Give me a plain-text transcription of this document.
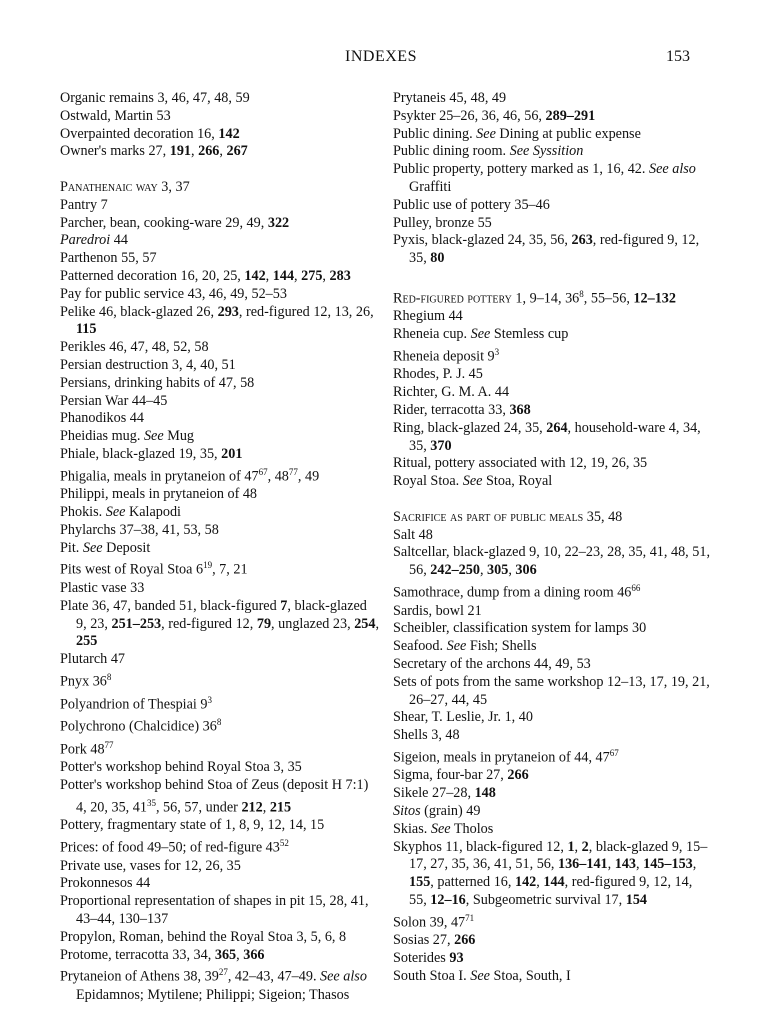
INDEXES	153
Organic remains 3, 46, 47, 48, 59
Ostwald, Martin 53
Overpainted decoration 16, 142
Owner's marks 27, 191, 266, 267
Panathenaic way 3, 37
Pantry 7
Parcher, bean, cooking-ware 29, 49, 322
Paredroi 44
Parthenon 55, 57
Patterned decoration 16, 20, 25, 142, 144, 275, 283
Pay for public service 43, 46, 49, 52–53
Pelike 46, black-glazed 26, 293, red-figured 12, 13, 26, 115
Perikles 46, 47, 48, 52, 58
Persian destruction 3, 4, 40, 51
Persians, drinking habits of 47, 58
Persian War 44–45
Phanodikos 44
Pheidias mug. See Mug
Phiale, black-glazed 19, 35, 201
Phigalia, meals in prytaneion of $47^{67}$, $48^{77}$, 49
Philippi, meals in prytaneion of 48
Phokis. See Kalapodi
Phylarchs 37–38, 41, 53, 58
Pit. See Deposit
Pits west of Royal Stoa $6^{19}$, 7, 21
Plastic vase 33
Plate 36, 47, banded 51, black-figured 7, black-glazed 9, 23, 251–253, red-figured 12, 79, unglazed 23, 254, 255
Plutarch 47
Pnyx $36^8$
Polyandrion of Thespiai $9^3$
Polychrono (Chalcidice) $36^8$
Pork $48^{77}$
Potter's workshop behind Royal Stoa 3, 35
Potter's workshop behind Stoa of Zeus (deposit H 7:1) 4, 20, 35, $41^{35}$, 56, 57, under 212, 215
Pottery, fragmentary state of 1, 8, 9, 12, 14, 15
Prices: of food 49–50; of red-figure $43^{52}$
Private use, vases for 12, 26, 35
Prokonnesos 44
Proportional representation of shapes in pit 15, 28, 41, 43–44, 130–137
Propylon, Roman, behind the Royal Stoa 3, 5, 6, 8
Protome, terracotta 33, 34, 365, 366
Prytaneion of Athens 38, $39^{27}$, 42–43, 47–49. See also Epidamnos; Mytilene; Philippi; Sigeion; Thasos
Prytaneis 45, 48, 49
Psykter 25–26, 36, 46, 56, 289–291
Public dining. See Dining at public expense
Public dining room. See Syssition
Public property, pottery marked as 1, 16, 42. See also Graffiti
Public use of pottery 35–46
Pulley, bronze 55
Pyxis, black-glazed 24, 35, 56, 263, red-figured 9, 12, 35, 80
Red-figured pottery 1, 9–14, $36^8$, 55–56, 12–132
Rhegium 44
Rheneia cup. See Stemless cup
Rheneia deposit $9^3$
Rhodes, P. J. 45
Richter, G. M. A. 44
Rider, terracotta 33, 368
Ring, black-glazed 24, 35, 264, household-ware 4, 34, 35, 370
Ritual, pottery associated with 12, 19, 26, 35
Royal Stoa. See Stoa, Royal
Sacrifice as part of public meals 35, 48
Salt 48
Saltcellar, black-glazed 9, 10, 22–23, 28, 35, 41, 48, 51, 56, 242–250, 305, 306
Samothrace, dump from a dining room $46^{66}$
Sardis, bowl 21
Scheibler, classification system for lamps 30
Seafood. See Fish; Shells
Secretary of the archons 44, 49, 53
Sets of pots from the same workshop 12–13, 17, 19, 21, 26–27, 44, 45
Shear, T. Leslie, Jr. 1, 40
Shells 3, 48
Sigeion, meals in prytaneion of 44, $47^{67}$
Sigma, four-bar 27, 266
Sikele 27–28, 148
Sitos (grain) 49
Skias. See Tholos
Skyphos 11, black-figured 12, 1, 2, black-glazed 9, 15–17, 27, 35, 36, 41, 51, 56, 136–141, 143, 145–153, 155, patterned 16, 142, 144, red-figured 9, 12, 14, 55, 12–16, Subgeometric survival 17, 154
Solon 39, $47^{71}$
Sosias 27, 266
Soterides 93
South Stoa I. See Stoa, South, I
